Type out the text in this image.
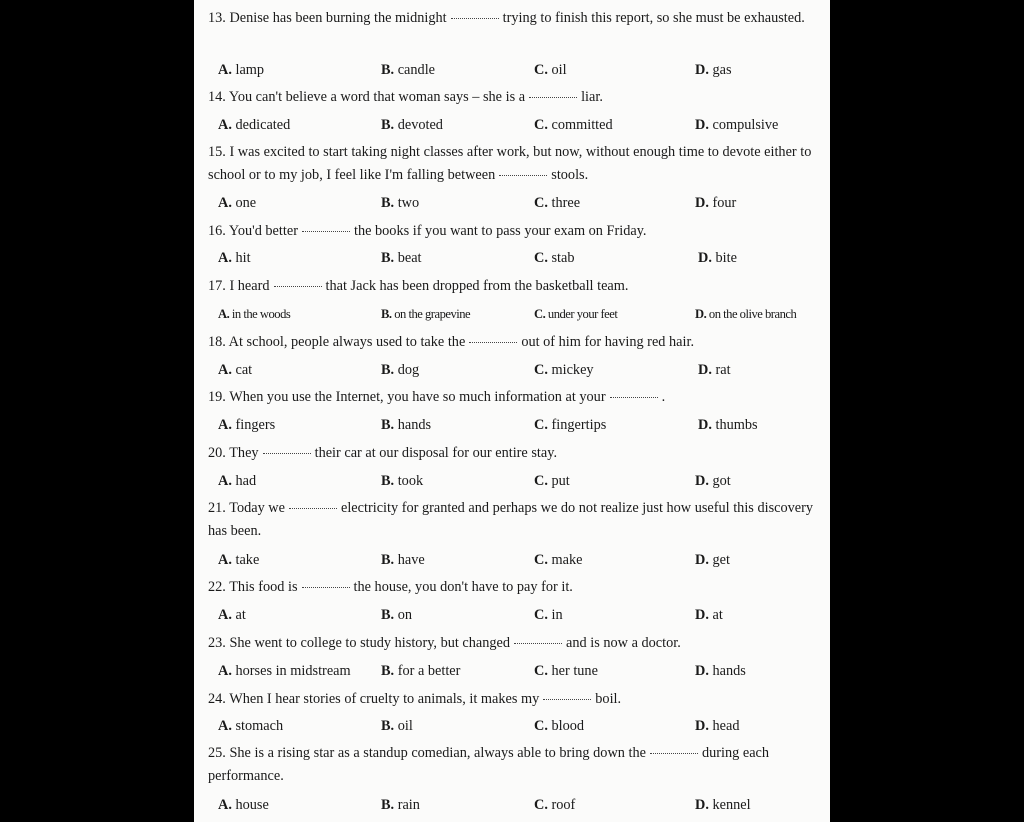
13. Denise has been burning the midnight	trying to finish this report, so she must be exhausted.
A. lamp	B. candle	C. oil	D. gas
14. You can't believe a word that woman says – she is a	liar.
A. dedicated	B. devoted	C. committed	D. compulsive
15. I was excited to start taking night classes after work, but now, without enough time to devote either to school or to my job, I feel like I'm falling between	stools.
A. one	B. two	C. three	D. four
16. You'd better	the books if you want to pass your exam on Friday.
A. hit	B. beat	C. stab	D. bite
17. I heard	that Jack has been dropped from the basketball team.
A. in the woods	B. on the grapevine	C. under your feet	D. on the olive branch
18. At school, people always used to take the	out of him for having red hair.
A. cat	B. dog	C. mickey	D. rat
19. When you use the Internet, you have so much information at your	.
A. fingers	B. hands	C. fingertips	D. thumbs
20. They	their car at our disposal for our entire stay.
A. had	B. took	C. put	D. got
21. Today we	electricity for granted and perhaps we do not realize just how useful this discovery has been.
A. take	B. have	C. make	D. get
22. This food is	the house, you don't have to pay for it.
A. at	B. on	C. in	D. at
23. She went to college to study history, but changed	and is now a doctor.
A. horses in midstream B. for a better	C. her tune	D. hands
24. When I hear stories of cruelty to animals, it makes my	boil.
A. stomach	B. oil	C. blood	D. head
25. She is a rising star as a standup comedian, always able to bring down the	during each performance.
A. house	B. rain	C. roof	D. kennel
